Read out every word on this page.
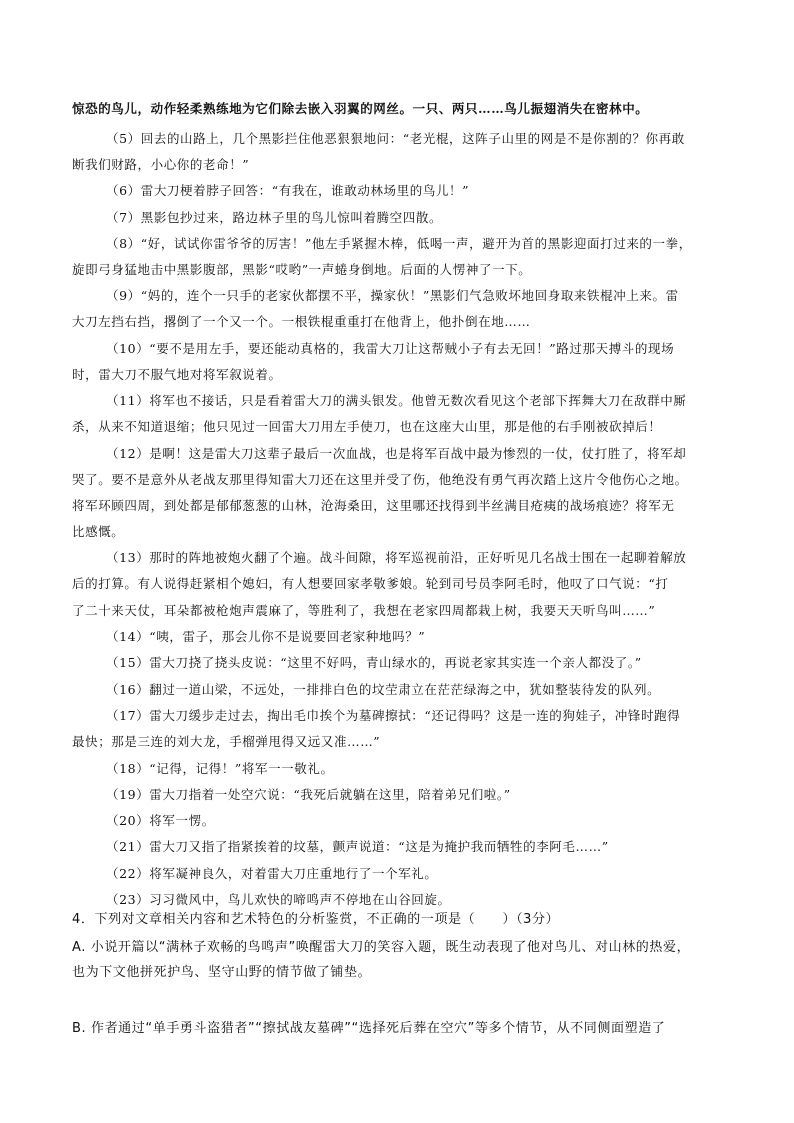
惊恐的鸟儿，动作轻柔熟练地为它们除去嵌入羽翼的网丝。一只、两只……鸟儿振翅消失在密林中。
（5）回去的山路上，几个黑影拦住他恶狠狠地问：“老光棍，这阵子山里的网是不是你割的？你再敢
断我们财路，小心你的老命！”
（6）雷大刀梗着脖子回答：“有我在，谁敢动林场里的鸟儿！”
（7）黑影包抄过来，路边林子里的鸟儿惊叫着腾空四散。
（8）“好，试试你雷爷爷的厉害！”他左手紧握木棒，低喝一声，避开为首的黑影迎面打过来的一拳，
旋即弓身猛地击中黑影腹部，黑影“哎哟”一声蜷身倒地。后面的人愣神了一下。
（9）“妈的，连个一只手的老家伙都摆不平，操家伙！”黑影们气急败坏地回身取来铁棍冲上来。雷
大刀左挡右挡，撂倒了一个又一个。一根铁棍重重打在他背上，他扑倒在地……
（10）“要不是用左手，要还能动真格的，我雷大刀让这帮贼小子有去无回！”路过那天搏斗的现场
时，雷大刀不服气地对将军叙说着。
（11）将军也不接话，只是看着雷大刀的满头银发。他曾无数次看见这个老部下挥舞大刀在敌群中厮
杀，从来不知道退缩；他只见过一回雷大刀用左手使刀，也在这座大山里，那是他的右手刚被砍掉后！
（12）是啊！这是雷大刀这辈子最后一次血战，也是将军百战中最为惨烈的一仗，仗打胜了，将军却
哭了。要不是意外从老战友那里得知雷大刀还在这里并受了伤，他绝没有勇气再次踏上这片令他伤心之地。
将军环顾四周，到处都是郁郁葱葱的山林，沧海桑田，这里哪还找得到半丝满目疮痍的战场痕迹？将军无
比感慨。
（13）那时的阵地被炮火翻了个遍。战斗间隙，将军巡视前沿，正好听见几名战士围在一起聊着解放
后的打算。有人说得赶紧相个媳妇，有人想要回家孝敬爹娘。轮到司号员李阿毛时，他叹了口气说：“打
了二十来天仗，耳朵都被枪炮声震麻了，等胜利了，我想在老家四周都栽上树，我要天天听鸟叫……”
（14）“咦，雷子，那会儿你不是说要回老家种地吗？”
（15）雷大刀挠了挠头皮说：“这里不好吗，青山绿水的，再说老家其实连一个亲人都没了。”
（16）翻过一道山梁，不远处，一排排白色的坟茔肃立在茫茫绿海之中，犹如整装待发的队列。
（17）雷大刀缓步走过去，掏出毛巾挨个为墓碑擦拭：“还记得吗？这是一连的狗娃子，冲锋时跑得
最快；那是三连的刘大龙，手榴弹甩得又远又准……”
（18）“记得，记得！”将军一一敬礼。
（19）雷大刀指着一处空穴说：“我死后就躺在这里，陪着弟兄们啦。”
（20）将军一愣。
（21）雷大刀又指了指紧挨着的坟墓，颤声说道：“这是为掩护我而牺牲的李阿毛……”
（22）将军凝神良久，对着雷大刀庄重地行了一个军礼。
（23）习习微风中，鸟儿欢快的啼鸣声不停地在山谷回旋。
4．下列对文章相关内容和艺术特色的分析鉴赏，不正确的一项是（　　）（3分）
A. 小说开篇以“满林子欢畅的鸟鸣声”唤醒雷大刀的笑容入题，既生动表现了他对鸟儿、对山林的热爱，
也为下文他拼死护鸟、坚守山野的情节做了铺垫。
B. 作者通过“单手勇斗盗猎者”“擦拭战友墓碑”“选择死后葬在空穴”等多个情节，从不同侧面塑造了
